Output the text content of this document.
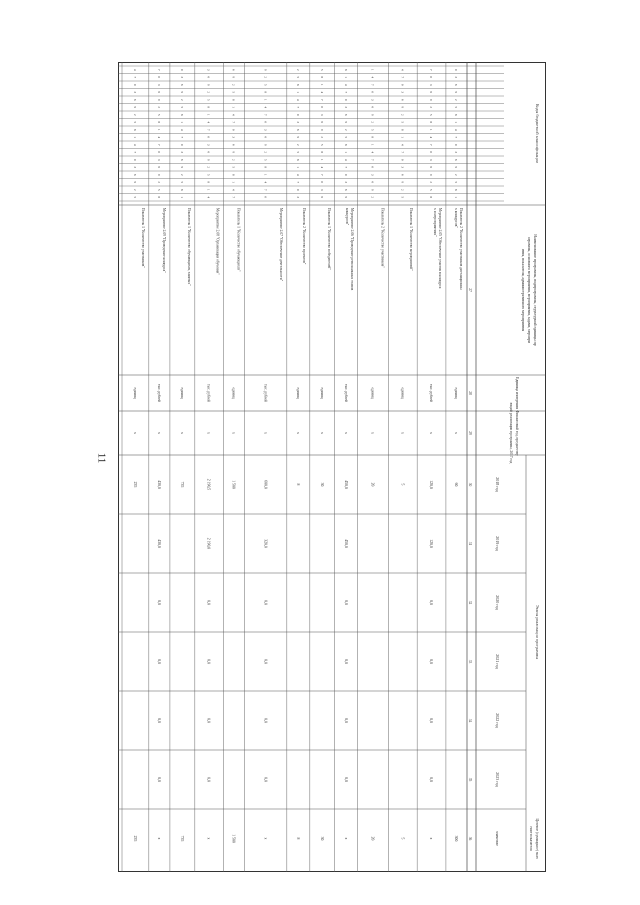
11
Коды бюджетной классификации
Наименование программы, подпрограммы, структурной единицы пр
ограммы, основного мероприятия, мероприятия, задачи, меропри
ятия, показателя, административного мероприятия
Единица измерения
Финансовый год, предшеству
ющий реализации программы, 2017 год
Этапы реализации программы
Целевое (суммарное) знач
ение показателя
2018 год
2019 год
2020 год
2021 год
2022 год
2023 год
значение
27
28
29
30
31
32
33
34
35
36
0
3
6
9
2
5
8
1
4
7
0
3
6
9
2
5
8
1
Показатель 2 "Количество участников дистанционны
х конкурсов"
единиц
х
60
300
7
0
3
6
9
2
5
8
1
4
7
0
3
6
9
2
5
8
Мероприятие 2.05 "Обеспечение участия в конкурса
х и мероприятиях"
тыс. рублей
х
120,0
120,0
0,0
0,0
0,0
0,0
х
4
7
0
3
6
9
2
5
8
1
4
7
0
3
6
9
2
5
Показатель 1 "Количество мероприятий"
единиц
х
5
5
1
4
7
0
3
6
9
2
5
8
1
4
7
0
3
6
9
2
Показатель 2 "Количество участников"
единиц
х
20
20
8
1
4
7
0
3
6
9
2
5
8
1
4
7
0
3
6
9
Мероприятие 2.06 "Проведение региональных этапов
конкурсов"
тыс. рублей
х
450,0
450,0
0,0
0,0
0,0
0,0
х
5
8
1
4
7
0
3
6
9
2
5
8
1
4
7
0
3
6
Показатель 1 "Количество победителей"
единиц
х
30
30
2
5
8
1
4
7
0
3
6
9
2
5
8
1
4
7
0
3
Показатель 2 "Количество проектов"
единиц
х
8
8
9
2
5
8
1
4
7
0
3
6
9
2
5
8
1
4
7
0
Мероприятие 2.07 "Обеспечение деятельности"
тыс. рублей
х
600,0
320,0
0,0
0,0
0,0
0,0
х
6
9
2
5
8
1
4
7
0
3
6
9
2
5
8
1
4
7
Показатель 1 "Количество обучающихся"
единиц
х
1 500
1 500
3
6
9
2
5
8
1
4
7
0
3
6
9
2
5
8
1
4
Мероприятие 2.08 "Организация обучения"
тыс. рублей
х
2 190,5
2 190,0
0,0
0,0
0,0
0,0
х
0
3
6
9
2
5
8
1
4
7
0
3
6
9
2
5
8
1
Показатель 1 "Количество обучающихся, занятых"
единиц
х
735
735
7
0
3
6
9
2
5
8
1
4
7
0
3
6
9
2
5
8
Мероприятие 2.09 "Проведение конкурса"
тыс. рублей
х
430,0
430,0
0,0
0,0
0,0
0,0
х
4
7
0
3
6
9
2
5
8
1
4
7
0
3
6
9
2
5
Показатель 1 "Количество участников"
единиц
х
235
235
